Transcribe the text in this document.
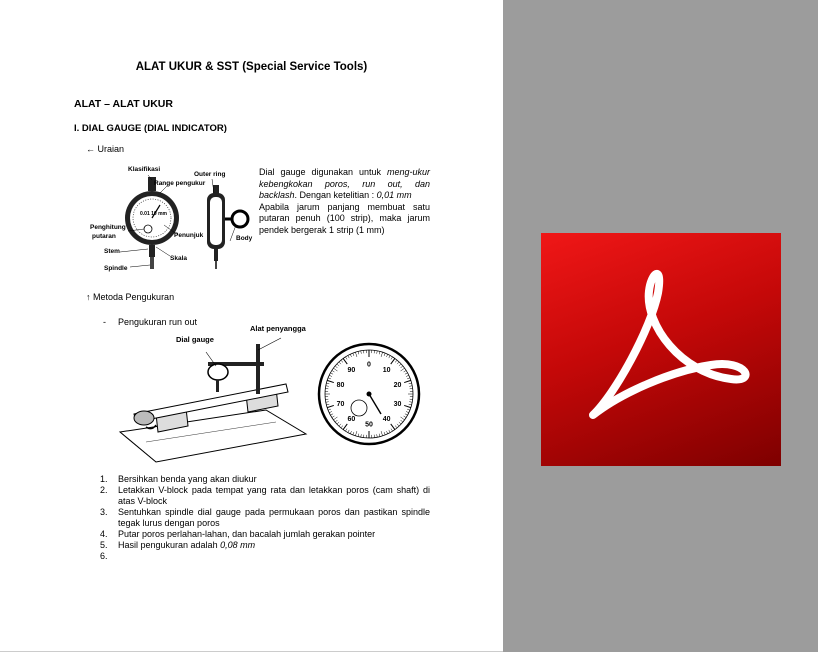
ALAT UKUR & SST (Special Service Tools)
ALAT – ALAT UKUR
I. DIAL GAUGE (DIAL INDICATOR)
← Uraian
Klasifikasi
Range pengukur
Outer ring
Penghitung
putaran	Penunjuk	Body
Stem
Skala
Spindle
0.01 10 mm
Dial gauge digunakan untuk meng-ukur kebengkokan poros, run out, dan backlash. Dengan ketelitian : 0,01 mm
Apabila jarum panjang membuat satu putaran penuh (100 strip), maka jarum pendek bergerak 1 strip (1 mm)
↑ Metoda Pengukuran
- Pengukuran run out
Dial gauge
Alat penyangga
0
10
20
30
40
50
60
70
80
90
1.	Bersihkan benda yang akan diukur
2.	Letakkan V-block pada tempat yang rata dan letakkan poros (cam shaft) di atas V-block
3.	Sentuhkan spindle dial gauge pada permukaan poros dan pastikan spindle tegak lurus dengan poros
4.	Putar poros perlahan-lahan, dan bacalah jumlah gerakan pointer
5.	Hasil pengukuran adalah 0,08 mm
6.
